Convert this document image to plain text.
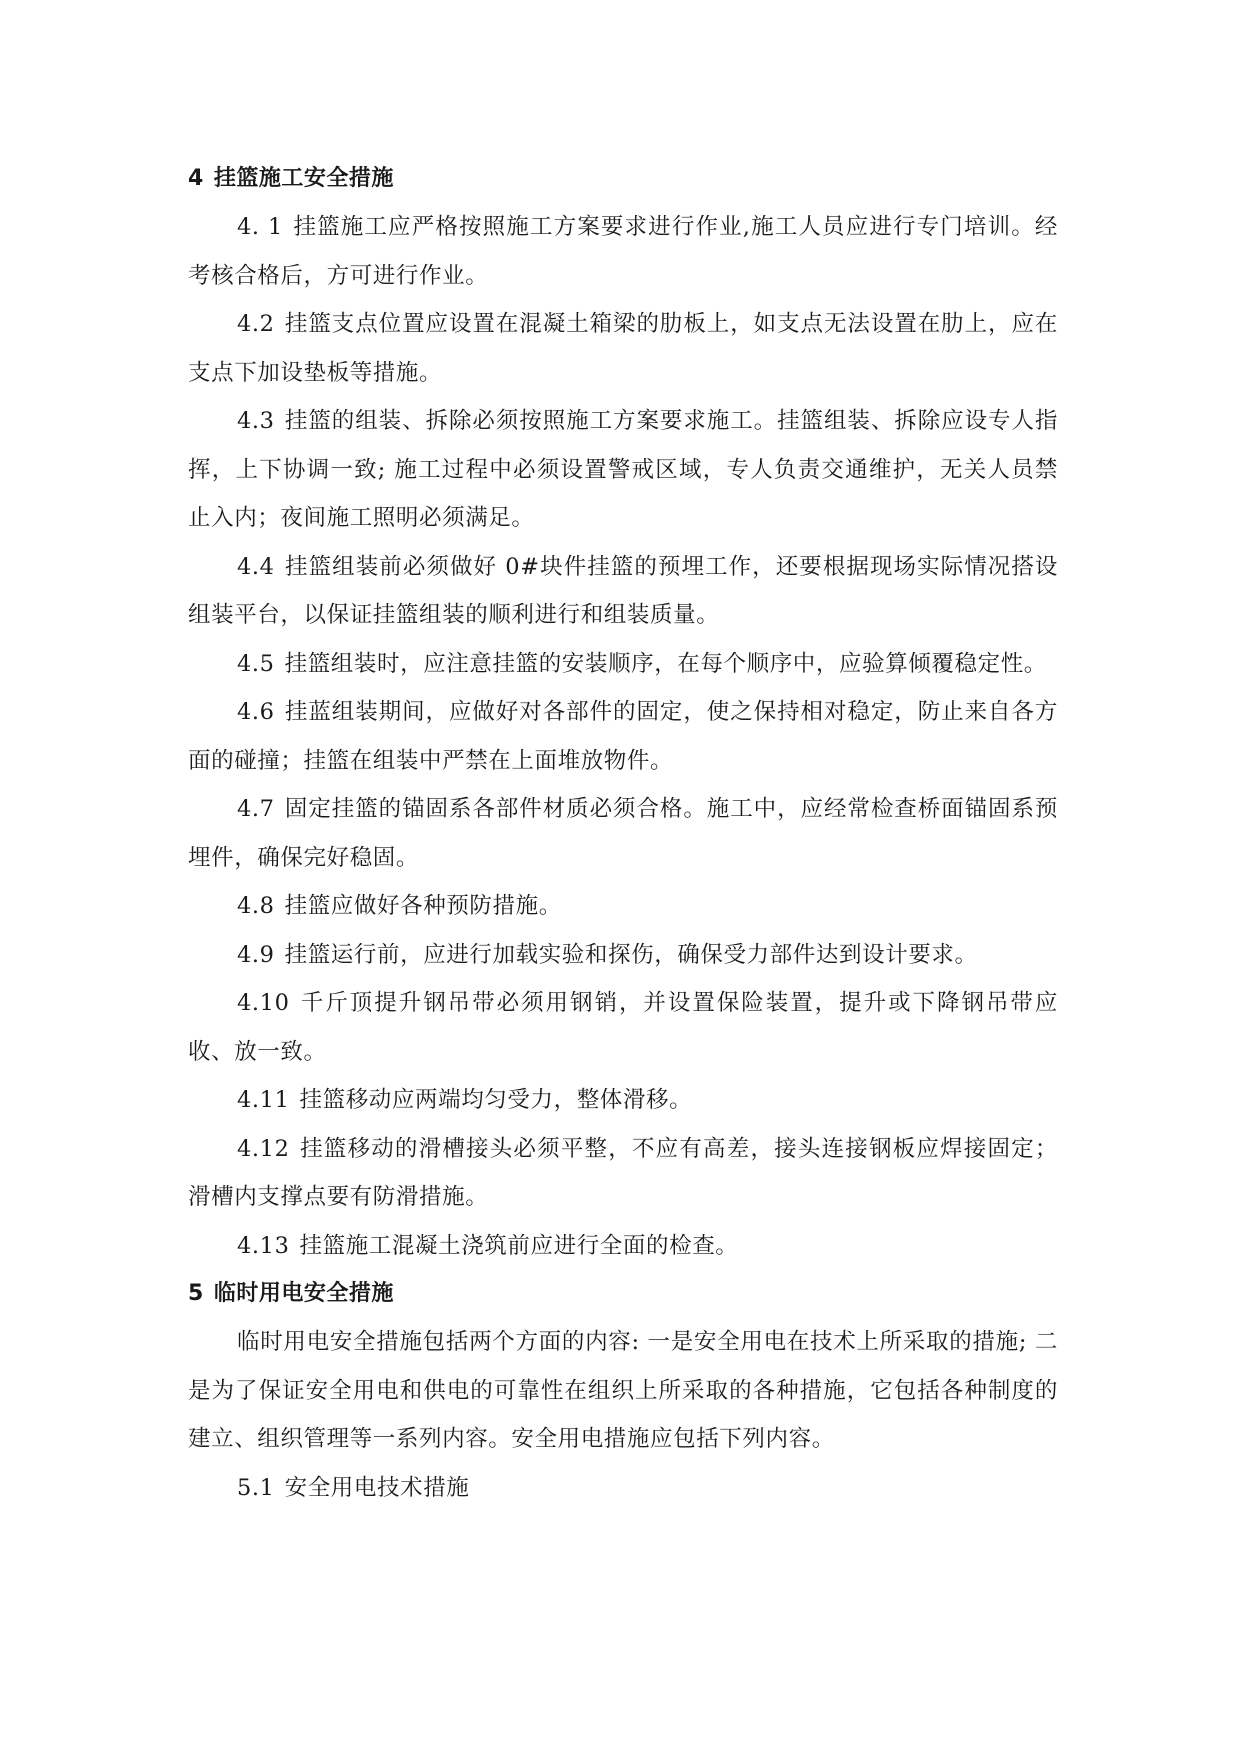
4 挂篮施工安全措施

4. 1 挂篮施工应严格按照施工方案要求进行作业,施工人员应进行专门培训。经考核合格后，方可进行作业。

4.2 挂篮支点位置应设置在混凝土箱梁的肋板上，如支点无法设置在肋上，应在支点下加设垫板等措施。

4.3 挂篮的组装、拆除必须按照施工方案要求施工。挂篮组装、拆除应设专人指挥，上下协调一致; 施工过程中必须设置警戒区域，专人负责交通维护，无关人员禁止入内；夜间施工照明必须满足。

4.4 挂篮组装前必须做好 0#块件挂篮的预埋工作，还要根据现场实际情况搭设组装平台，以保证挂篮组装的顺利进行和组装质量。

4.5 挂篮组装时，应注意挂篮的安装顺序，在每个顺序中，应验算倾覆稳定性。

4.6 挂蓝组装期间，应做好对各部件的固定，使之保持相对稳定，防止来自各方面的碰撞；挂篮在组装中严禁在上面堆放物件。

4.7 固定挂篮的锚固系各部件材质必须合格。施工中，应经常检查桥面锚固系预埋件，确保完好稳固。

4.8 挂篮应做好各种预防措施。

4.9 挂篮运行前，应进行加载实验和探伤，确保受力部件达到设计要求。

4.10 千斤顶提升钢吊带必须用钢销，并设置保险装置，提升或下降钢吊带应收、放一致。

4.11 挂篮移动应两端均匀受力，整体滑移。

4.12 挂篮移动的滑槽接头必须平整，不应有高差，接头连接钢板应焊接固定；滑槽内支撑点要有防滑措施。

4.13 挂篮施工混凝土浇筑前应进行全面的检查。

5 临时用电安全措施

临时用电安全措施包括两个方面的内容: 一是安全用电在技术上所采取的措施; 二是为了保证安全用电和供电的可靠性在组织上所采取的各种措施，它包括各种制度的建立、组织管理等一系列内容。安全用电措施应包括下列内容。

5.1 安全用电技术措施
